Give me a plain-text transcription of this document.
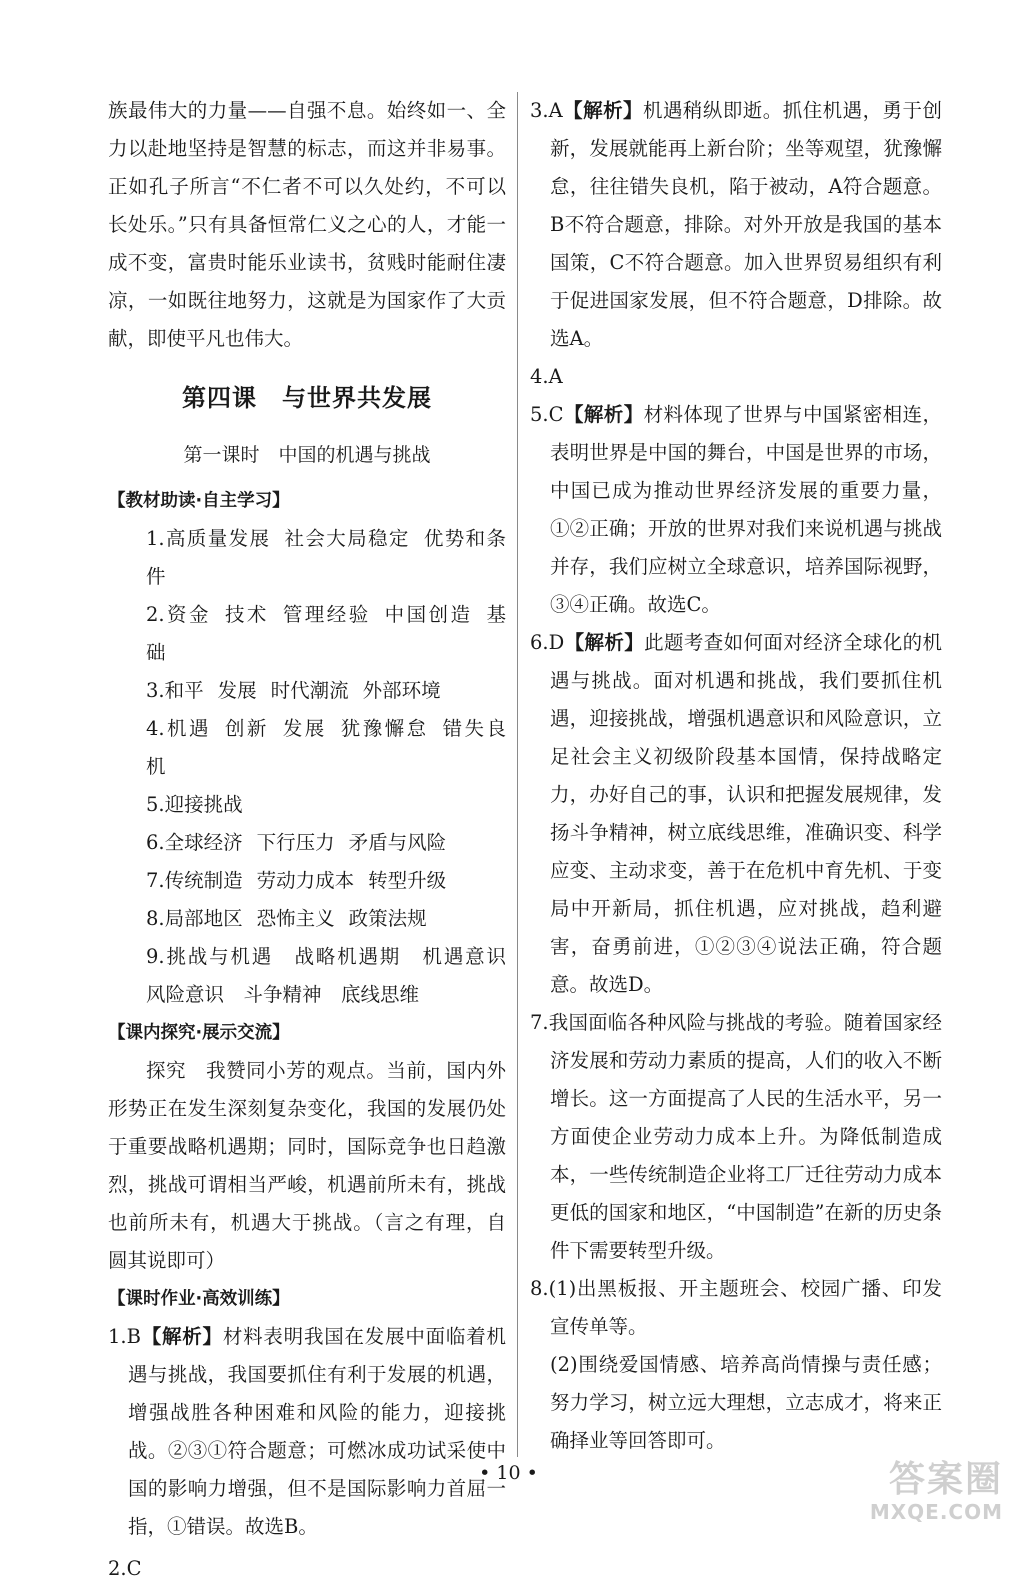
族最伟大的力量——自强不息。始终如一、全力以赴地坚持是智慧的标志，而这并非易事。正如孔子所言“不仁者不可以久处约，不可以长处乐。”只有具备恒常仁义之心的人，才能一成不变，富贵时能乐业读书，贫贱时能耐住凄凉，一如既往地努力，这就是为国家作了大贡献，即使平凡也伟大。

第四课　与世界共发展
第一课时　中国的机遇与挑战

【教材助读·自主学习】

1.高质量发展 社会大局稳定 优势和条件

2.资金 技术 管理经验 中国创造 基础

3.和平 发展 时代潮流 外部环境

4.机遇 创新 发展 犹豫懈怠 错失良机

5.迎接挑战

6.全球经济 下行压力 矛盾与风险

7.传统制造 劳动力成本 转型升级

8.局部地区 恐怖主义 政策法规

9.挑战与机遇　战略机遇期　机遇意识　风险意识　斗争精神　底线思维

【课内探究·展示交流】

探究　 我赞同小芳的观点。当前，国内外形势正在发生深刻复杂变化，我国的发展仍处于重要战略机遇期；同时，国际竞争也日趋激烈，挑战可谓相当严峻，机遇前所未有，挑战也前所未有，机遇大于挑战。（言之有理，自圆其说即可）

【课时作业·高效训练】

1.B【解析】材料表明我国在发展中面临着机遇与挑战，我国要抓住有利于发展的机遇，增强战胜各种困难和风险的能力，迎接挑战。②③①符合题意；可燃冰成功试采使中国的影响力增强，但不是国际影响力首屈一指，①错误。故选B。

2.C

3.A【解析】机遇稍纵即逝。抓住机遇，勇于创新，发展就能再上新台阶；坐等观望，犹豫懈怠，往往错失良机，陷于被动，A符合题意。B不符合题意，排除。对外开放是我国的基本国策，C不符合题意。加入世界贸易组织有利于促进国家发展，但不符合题意，D排除。故选A。

4.A

5.C【解析】材料体现了世界与中国紧密相连，表明世界是中国的舞台，中国是世界的市场，中国已成为推动世界经济发展的重要力量，①②正确；开放的世界对我们来说机遇与挑战并存，我们应树立全球意识，培养国际视野，③④正确。故选C。

6.D【解析】此题考查如何面对经济全球化的机遇与挑战。面对机遇和挑战，我们要抓住机遇，迎接挑战，增强机遇意识和风险意识，立足社会主义初级阶段基本国情，保持战略定力，办好自己的事，认识和把握发展规律，发扬斗争精神，树立底线思维，准确识变、科学应变、主动求变，善于在危机中育先机、于变局中开新局，抓住机遇，应对挑战，趋利避害，奋勇前进，①②③④说法正确，符合题意。故选D。

7.我国面临各种风险与挑战的考验。随着国家经济发展和劳动力素质的提高，人们的收入不断增长。这一方面提高了人民的生活水平，另一方面使企业劳动力成本上升。为降低制造成本，一些传统制造企业将工厂迁往劳动力成本更低的国家和地区，“中国制造”在新的历史条件下需要转型升级。

8.(1)出黑板报、开主题班会、校园广播、印发宣传单等。

(2)围绕爱国情感、培养高尚情操与责任感；努力学习，树立远大理想，立志成才，将来正确择业等回答即可。

• 10 •	答案圈
MXQE.COM
